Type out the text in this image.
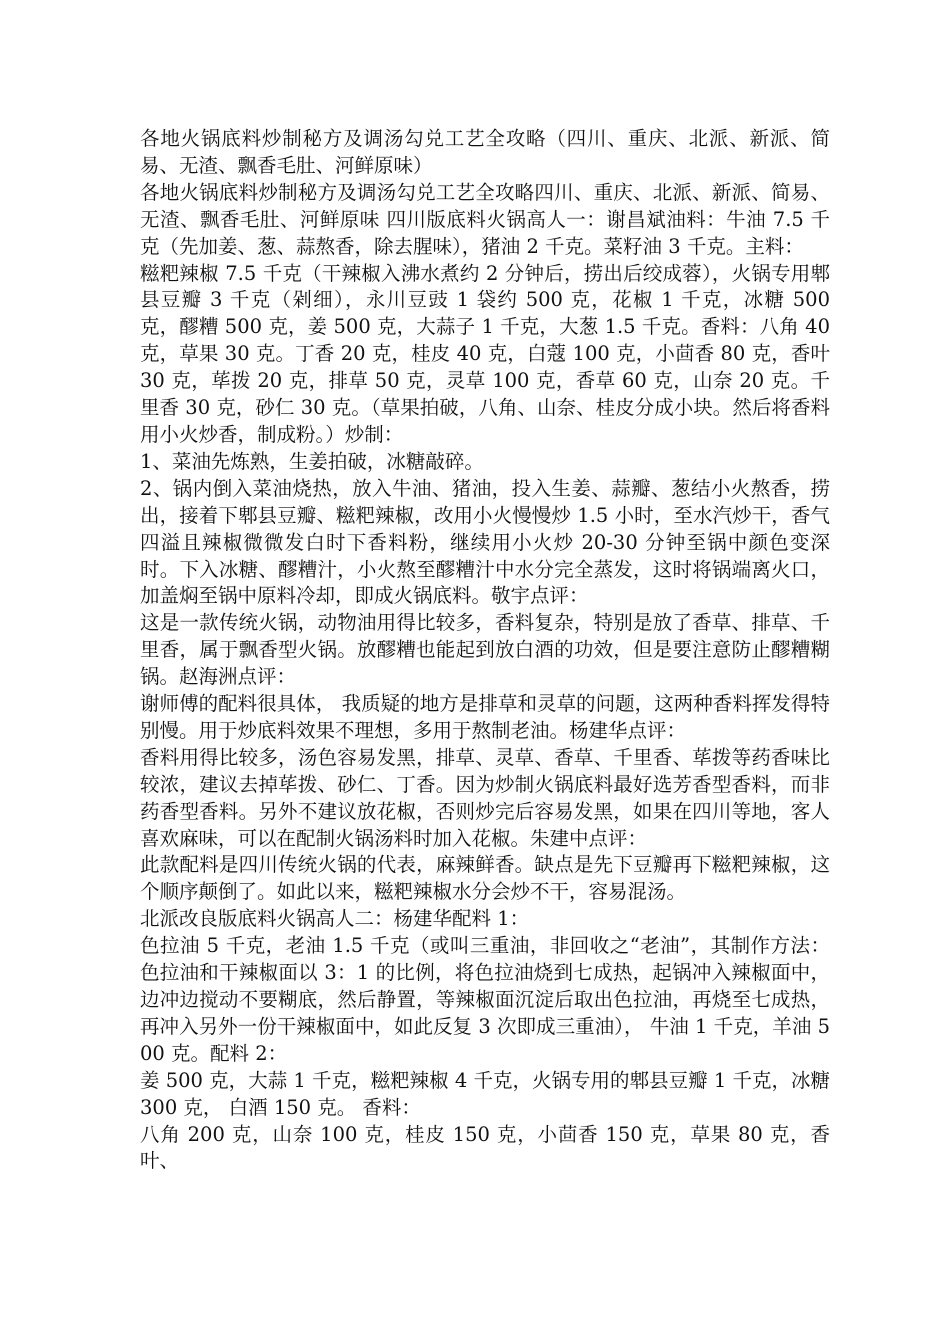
各地火锅底料炒制秘方及调汤勾兑工艺全攻略（四川、重庆、北派、新派、简易、无渣、飘香毛肚、河鲜原味）

各地火锅底料炒制秘方及调汤勾兑工艺全攻略四川、重庆、北派、新派、简易、无渣、飘香毛肚、河鲜原味 四川版底料火锅高人一：谢昌斌油料：牛油 7.5 千克（先加姜、葱、蒜熬香，除去腥味），猪油 2 千克。菜籽油 3 千克。主料：

糍粑辣椒 7.5 千克（干辣椒入沸水煮约 2 分钟后，捞出后绞成蓉），火锅专用郫县豆瓣 3 千克（剁细），永川豆豉 1 袋约 500 克，花椒 1 千克，冰糖 500 克，醪糟 500 克，姜 500 克，大蒜子 1 千克，大葱 1.5 千克。香料：八角 40 克，草果 30 克。丁香 20 克，桂皮 40 克，白蔻 100 克，小茴香 80 克，香叶 30 克，荜拨 20 克，排草 50 克，灵草 100 克，香草 60 克，山奈 20 克。千里香 30 克，砂仁 30 克。（草果拍破，八角、山奈、桂皮分成小块。然后将香料用小火炒香，制成粉。）炒制：

1、菜油先炼熟，生姜拍破，冰糖敲碎。

2、锅内倒入菜油烧热，放入牛油、猪油，投入生姜、蒜瓣、葱结小火熬香，捞出，接着下郫县豆瓣、糍粑辣椒，改用小火慢慢炒 1.5 小时，至水汽炒干，香气四溢且辣椒微微发白时下香料粉，继续用小火炒 20-30 分钟至锅中颜色变深时。下入冰糖、醪糟汁，小火熬至醪糟汁中水分完全蒸发，这时将锅端离火口，加盖焖至锅中原料冷却，即成火锅底料。敬宇点评：

这是一款传统火锅，动物油用得比较多，香料复杂，特别是放了香草、排草、千里香，属于飘香型火锅。放醪糟也能起到放白酒的功效，但是要注意防止醪糟糊锅。赵海洲点评：

谢师傅的配料很具体， 我质疑的地方是排草和灵草的问题，这两种香料挥发得特别慢。用于炒底料效果不理想，多用于熬制老油。杨建华点评：

香料用得比较多，汤色容易发黑，排草、灵草、香草、千里香、荜拨等药香味比较浓，建议去掉荜拨、砂仁、丁香。因为炒制火锅底料最好选芳香型香料，而非药香型香料。另外不建议放花椒，否则炒完后容易发黑，如果在四川等地，客人喜欢麻味，可以在配制火锅汤料时加入花椒。朱建中点评：

此款配料是四川传统火锅的代表，麻辣鲜香。缺点是先下豆瓣再下糍粑辣椒，这个顺序颠倒了。如此以来，糍粑辣椒水分会炒不干，容易混汤。

北派改良版底料火锅高人二：杨建华配料 1：

色拉油 5 千克，老油 1.5 千克（或叫三重油，非回收之“老油”，其制作方法：色拉油和干辣椒面以 3：1 的比例，将色拉油烧到七成热，起锅冲入辣椒面中，边冲边搅动不要糊底，然后静置，等辣椒面沉淀后取出色拉油，再烧至七成热，再冲入另外一份干辣椒面中，如此反复 3 次即成三重油）， 牛油 1 千克，羊油 500 克。配料 2：

姜 500 克，大蒜 1 千克，糍粑辣椒 4 千克，火锅专用的郫县豆瓣 1 千克，冰糖 300 克， 白酒 150 克。 香料：

八角 200 克，山奈 100 克，桂皮 150 克，小茴香 150 克，草果 80 克，香叶、
